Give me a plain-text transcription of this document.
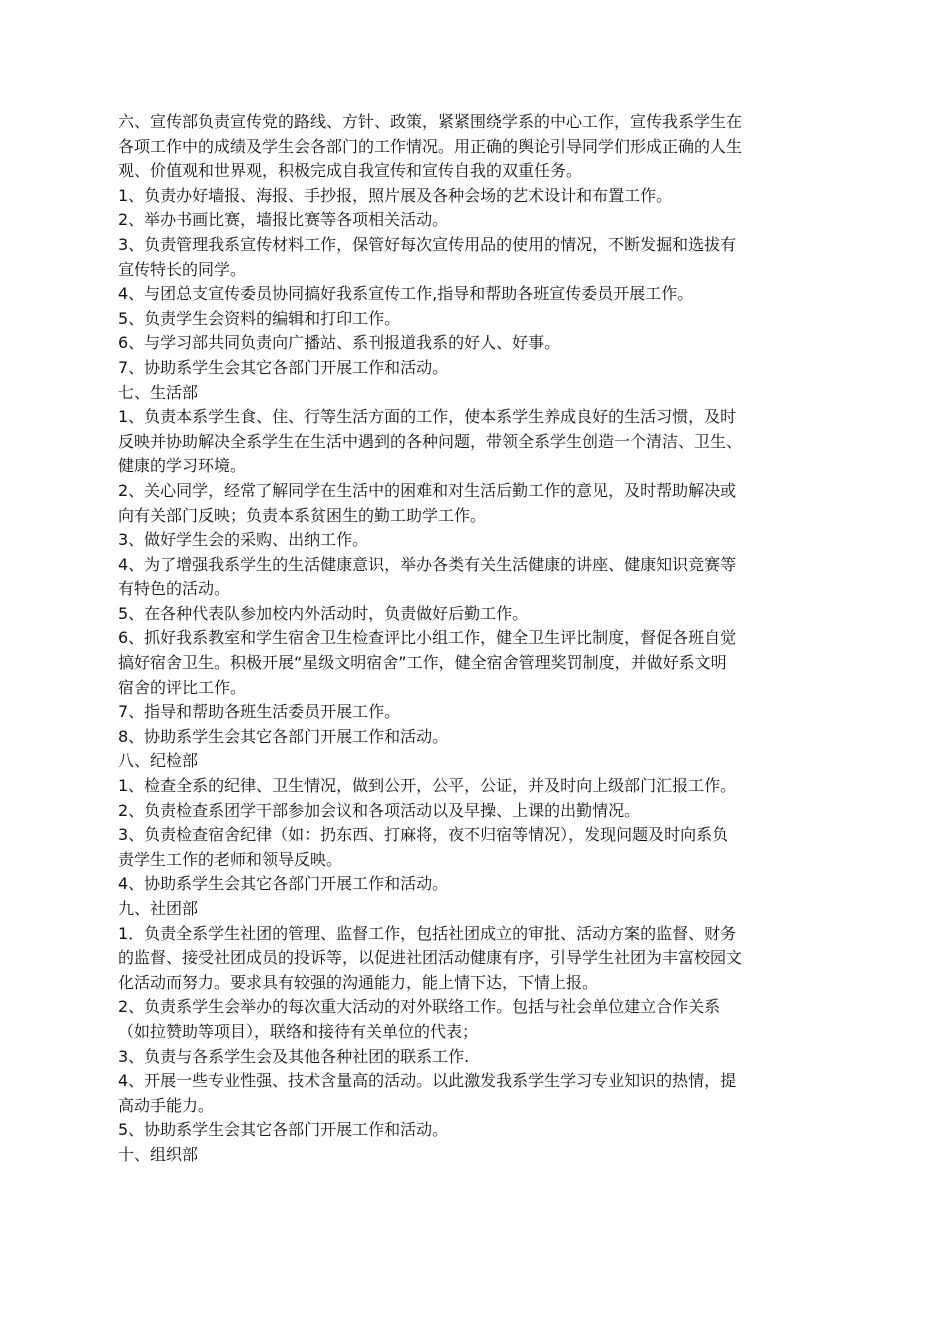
六、宣传部负责宣传党的路线、方针、政策，紧紧围绕学系的中心工作，宣传我系学生在
各项工作中的成绩及学生会各部门的工作情况。用正确的舆论引导同学们形成正确的人生
观、价值观和世界观，积极完成自我宣传和宣传自我的双重任务。
1、负责办好墙报、海报、手抄报，照片展及各种会场的艺术设计和布置工作。
2、举办书画比赛，墙报比赛等各项相关活动。
3、负责管理我系宣传材料工作，保管好每次宣传用品的使用的情况，不断发掘和选拔有
宣传特长的同学。
4、与团总支宣传委员协同搞好我系宣传工作,指导和帮助各班宣传委员开展工作。
5、负责学生会资料的编辑和打印工作。
6、与学习部共同负责向广播站、系刊报道我系的好人、好事。
7、协助系学生会其它各部门开展工作和活动。
七、生活部
1、负责本系学生食、住、行等生活方面的工作，使本系学生养成良好的生活习惯，及时
反映并协助解决全系学生在生活中遇到的各种问题，带领全系学生创造一个清洁、卫生、
健康的学习环境。
2、关心同学，经常了解同学在生活中的困难和对生活后勤工作的意见，及时帮助解决或
向有关部门反映；负责本系贫困生的勤工助学工作。
3、做好学生会的采购、出纳工作。
4、为了增强我系学生的生活健康意识，举办各类有关生活健康的讲座、健康知识竞赛等
有特色的活动。
5、在各种代表队参加校内外活动时，负责做好后勤工作。
6、抓好我系教室和学生宿舍卫生检查评比小组工作，健全卫生评比制度，督促各班自觉
搞好宿舍卫生。积极开展“星级文明宿舍”工作，健全宿舍管理奖罚制度，并做好系文明
宿舍的评比工作。
7、指导和帮助各班生活委员开展工作。
8、协助系学生会其它各部门开展工作和活动。
八、纪检部
1、检查全系的纪律、卫生情况，做到公开，公平，公证，并及时向上级部门汇报工作。
2、负责检查系团学干部参加会议和各项活动以及早操、上课的出勤情况。
3、负责检查宿舍纪律（如：扔东西、打麻将，夜不归宿等情况），发现问题及时向系负
责学生工作的老师和领导反映。
4、协助系学生会其它各部门开展工作和活动。
九、社团部
1．负责全系学生社团的管理、监督工作，包括社团成立的审批、活动方案的监督、财务
的监督、接受社团成员的投诉等，以促进社团活动健康有序，引导学生社团为丰富校园文
化活动而努力。要求具有较强的沟通能力，能上情下达，下情上报。
2、负责系学生会举办的每次重大活动的对外联络工作。包括与社会单位建立合作关系
（如拉赞助等项目），联络和接待有关单位的代表；
3、负责与各系学生会及其他各种社团的联系工作.
4、开展一些专业性强、技术含量高的活动。以此激发我系学生学习专业知识的热情，提
高动手能力。
5、协助系学生会其它各部门开展工作和活动。
十、组织部
